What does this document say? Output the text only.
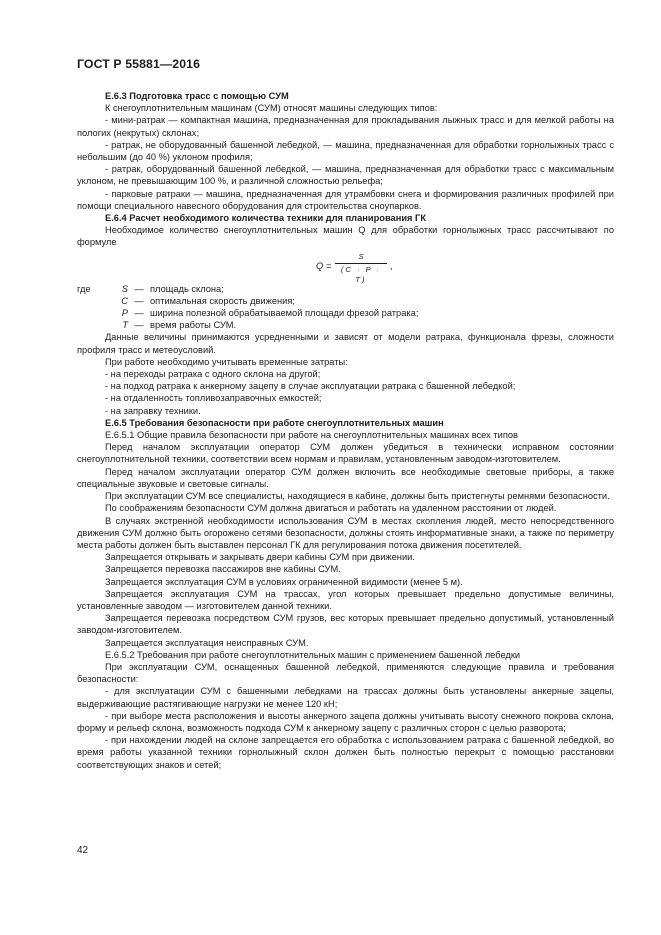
ГОСТ Р 55881—2016

E.6.3 Подготовка трасс с помощью СУМ

К снегоуплотнительным машинам (СУМ) относят машины следующих типов:

- мини-ратрак — компактная машина, предназначенная для прокладывания лыжных трасс и для мелкой работы на пологих (некрутых) склонах;

- ратрак, не оборудованный башенной лебедкой, — машина, предназначенная для обработки горнолыжных трасс с небольшим (до 40 %) уклоном профиля;

- ратрак, оборудованный башенной лебедкой, — машина, предназначенная для обработки трасс с максимальным уклоном, не превышающим 100 %, и различной сложностью рельефа;

- парковые ратраки — машина, предназначенная для утрамбовки снега и формирования различных профилей при помощи специального навесного оборудования для строительства сноупарков.

E.6.4 Расчет необходимого количества техники для планирования ГК

Необходимое количество снегоуплотнительных машин Q для обработки горнолыжных трасс рассчитывают по формуле

$Q = \frac{S}{(C \cdot P \cdot T)}$ ,
где	S — площадь склона;
C — оптимальная скорость движения;
P — ширина полезной обрабатываемой площади фрезой ратрака;
T — время работы СУМ.

Данные величины принимаются усредненными и зависят от модели ратрака, функционала фрезы, сложности профиля трасс и метеоусловий.

При работе необходимо учитывать временные затраты:

- на переходы ратрака с одного склона на другой;

- на подход ратрака к анкерному зацепу в случае эксплуатации ратрака с башенной лебедкой;

- на отдаленность топливозаправочных емкостей;

- на заправку техники.

E.6.5 Требования безопасности при работе снегоуплотнительных машин

E.6.5.1 Общие правила безопасности при работе на снегоуплотнительных машинах всех типов

Перед началом эксплуатации оператор СУМ должен убедиться в технически исправном состоянии снегоуплотнительной техники, соответствии всем нормам и правилам, установленным заводом-изготовителем.

Перед началом эксплуатации оператор СУМ должен включить все необходимые световые приборы, а также специальные звуковые и световые сигналы.

При эксплуатации СУМ все специалисты, находящиеся в кабине, должны быть пристегнуты ремнями безопасности.

По соображениям безопасности СУМ должна двигаться и работать на удаленном расстоянии от людей.

В случаях экстренной необходимости использования СУМ в местах скопления людей, место непосредственного движения СУМ должно быть огорожено сетями безопасности, должны стоять информативные знаки, а также по периметру места работы должен быть выставлен персонал ГК для регулирования потока движения посетителей.

Запрещается открывать и закрывать двери кабины СУМ при движении.

Запрещается перевозка пассажиров вне кабины СУМ.

Запрещается эксплуатация СУМ в условиях ограниченной видимости (менее 5 м).

Запрещается эксплуатация СУМ на трассах, угол которых превышает предельно допустимые величины, установленные заводом — изготовителем данной техники.

Запрещается перевозка посредством СУМ грузов, вес которых превышает предельно допустимый, установленный заводом-изготовителем.

Запрещается эксплуатация неисправных СУМ.

E.6.5.2 Требования при работе снегоуплотнительных машин с применением башенной лебедки

При эксплуатации СУМ, оснащенных башенной лебедкой, применяются следующие правила и требования безопасности:

- для эксплуатации СУМ с башенными лебедками на трассах должны быть установлены анкерные зацепы, выдерживающие растягивающие нагрузки не менее 120 кН;

- при выборе места расположения и высоты анкерного зацепа должны учитывать высоту снежного покрова склона, форму и рельеф склона, возможность подхода СУМ к анкерному зацепу с различных сторон с целью разворота;

- при нахождении людей на склоне запрещается его обработка с использованием ратрака с башенной лебедкой, во время работы указанной техники горнолыжный склон должен быть полностью перекрыт с помощью расстановки соответствующих знаков и сетей;

42
